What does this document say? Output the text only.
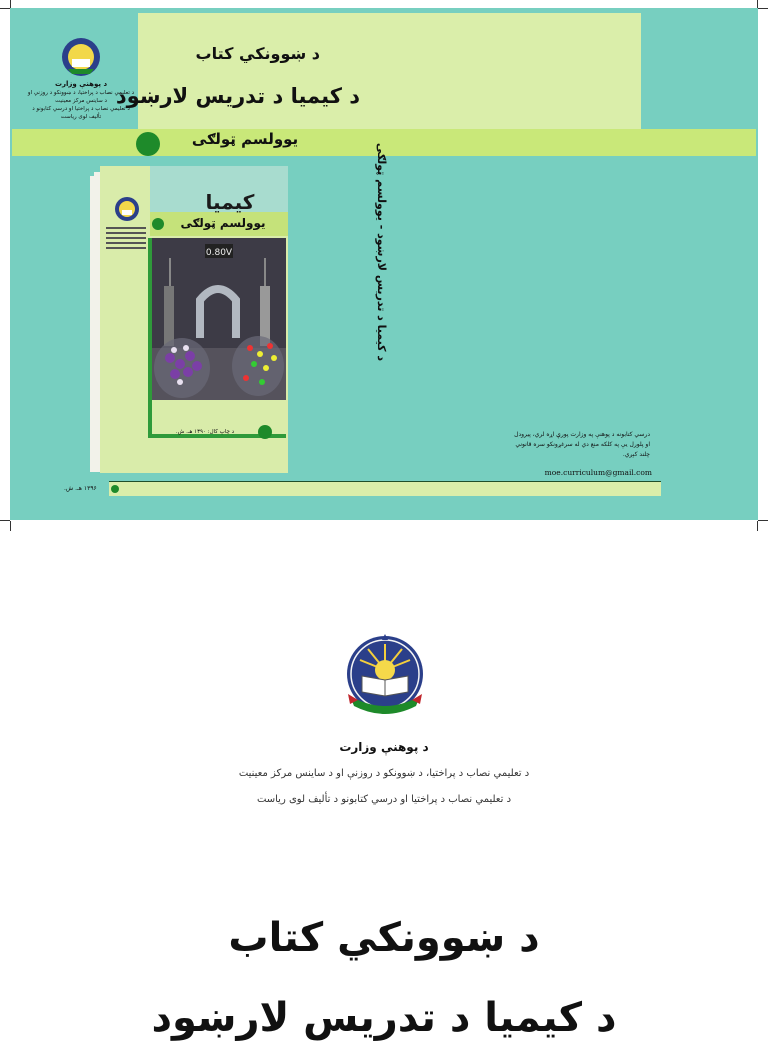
د ښوونکي کتاب
د کیمیا د تدریس لارښود
یوولسم ټولګی
د پوهنې وزارت
د تعلیمي نصاب د پراختیا، د ښوونکو د روزنې او
د ساینس مرکز معینیت
د تعلیمي نصاب د پراختیا او درسي کتابونو د
تألیف لوی ریاست
کیمیا
یوولسم ټولګی
0.80V
د چاپ کال: ۱۳۹۰ هـ. ش.
د کیمیا د تدریس لارښود - یوولسم ټولګی
درسي کتابونه د پوهنې په وزارت پورې اړه لري، پیرودل
او پلورل یې په کلکه منع دي له سرغړونکو سره قانوني
چلند کېږي.
moe.curriculum@gmail.com
۱۳۹۶ هـ. ش.
د پوهنې وزارت
د تعلیمي نصاب د پراختیا، د ښوونکو د روزنې او د ساینس مرکز معینیت
د تعلیمي نصاب د پراختیا او درسي کتابونو د تألیف لوی ریاست
د ښوونکي کتاب
د کیمیا د تدریس لارښود
